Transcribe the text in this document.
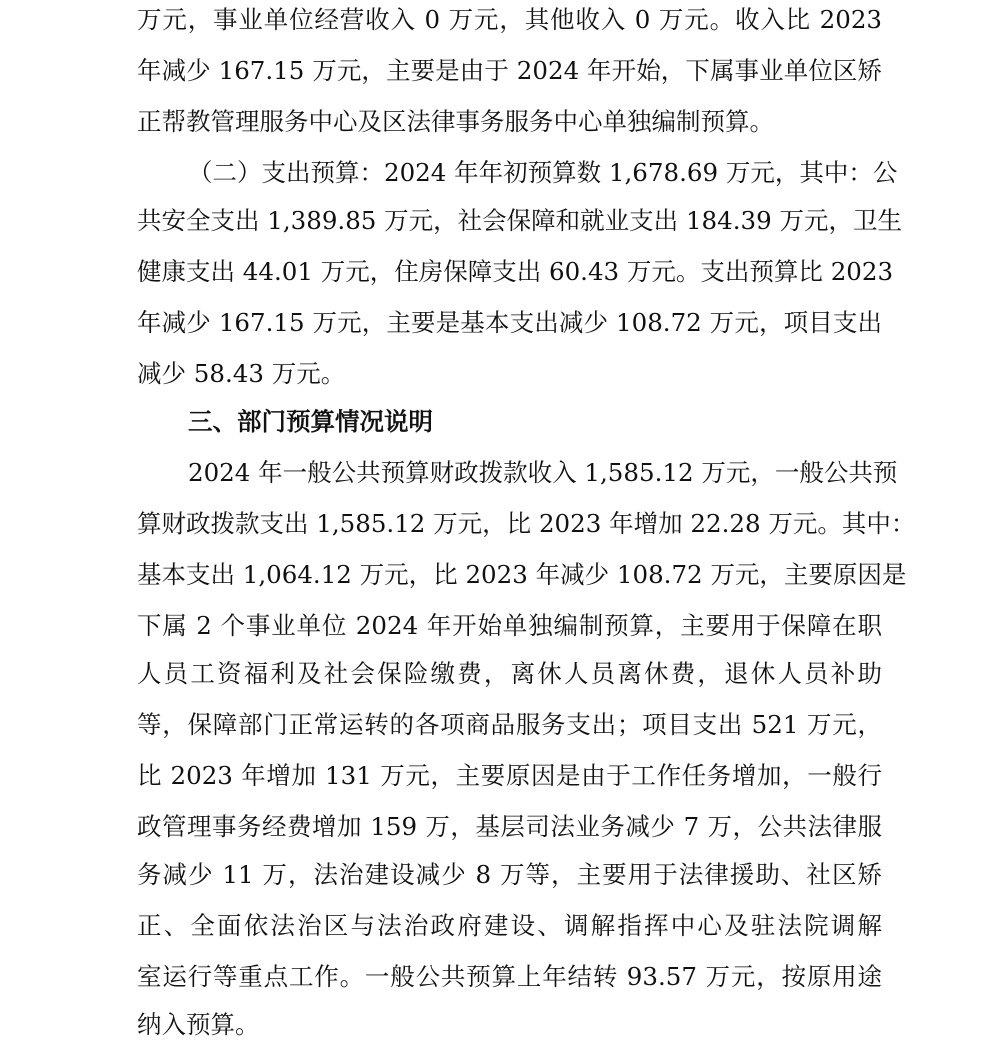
万元，事业单位经营收入 0 万元，其他收入 0 万元。收入比 2023
年减少 167.15 万元，主要是由于 2024 年开始，下属事业单位区矫
正帮教管理服务中心及区法律事务服务中心单独编制预算。
（二）支出预算：2024 年年初预算数 1,678.69 万元，其中：公
共安全支出 1,389.85 万元，社会保障和就业支出 184.39 万元，卫生
健康支出 44.01 万元，住房保障支出 60.43 万元。支出预算比 2023
年减少 167.15 万元，主要是基本支出减少 108.72 万元，项目支出
减少 58.43 万元。
三、部门预算情况说明
2024 年一般公共预算财政拨款收入 1,585.12 万元，一般公共预
算财政拨款支出 1,585.12 万元，比 2023 年增加 22.28 万元。其中：
基本支出 1,064.12 万元，比 2023 年减少 108.72 万元，主要原因是
下属 2 个事业单位 2024 年开始单独编制预算，主要用于保障在职
人员工资福利及社会保险缴费，离休人员离休费，退休人员补助
等，保障部门正常运转的各项商品服务支出；项目支出 521 万元，
比 2023 年增加 131 万元，主要原因是由于工作任务增加，一般行
政管理事务经费增加 159 万，基层司法业务减少 7 万，公共法律服
务减少 11 万，法治建设减少 8 万等，主要用于法律援助、社区矫
正、全面依法治区与法治政府建设、调解指挥中心及驻法院调解
室运行等重点工作。一般公共预算上年结转 93.57 万元，按原用途
纳入预算。
